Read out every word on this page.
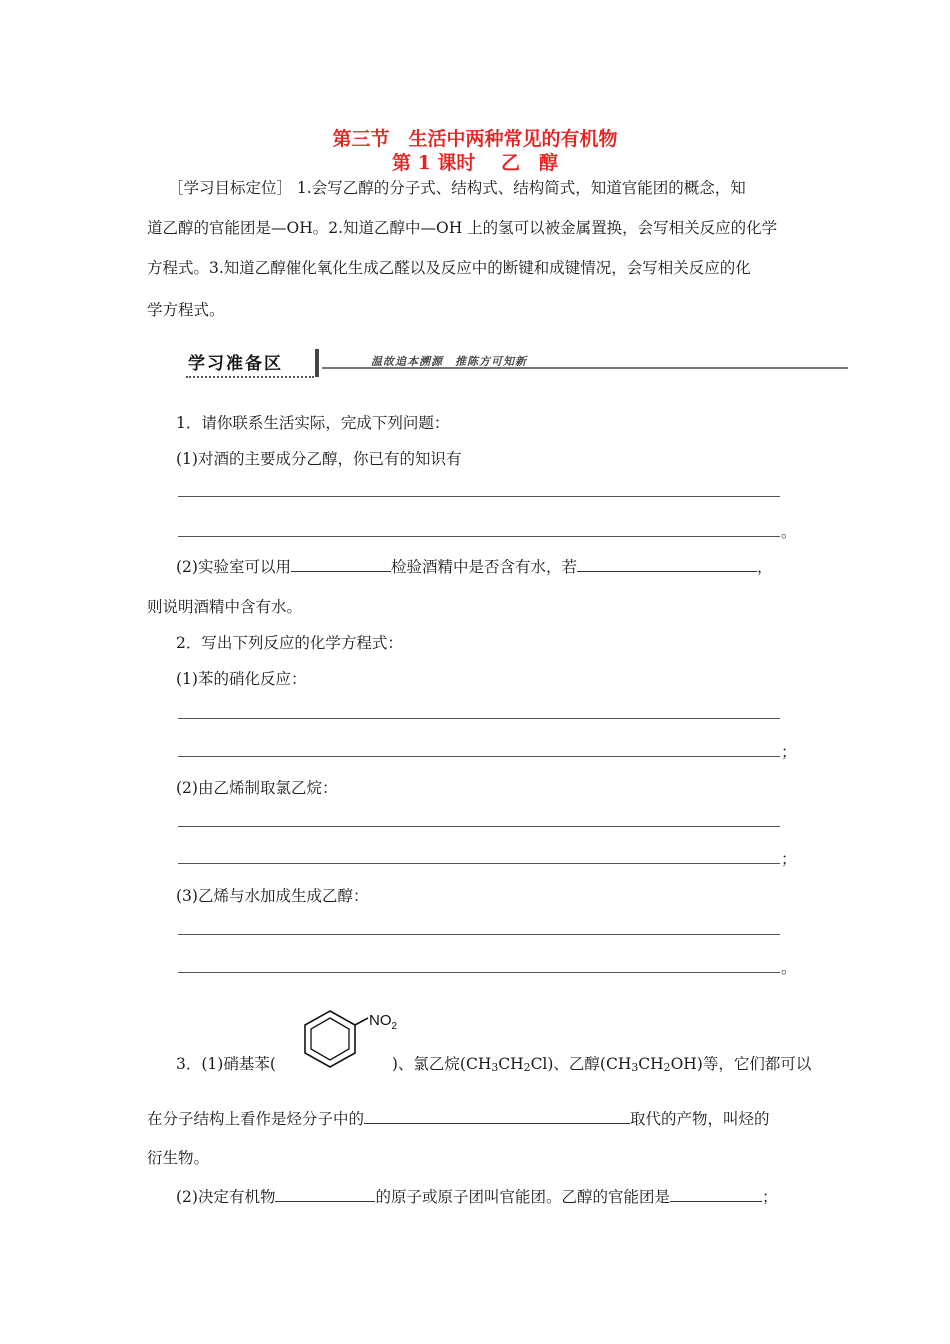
第三节　生活中两种常见的有机物
第 1 课时　 乙　醇
［学习目标定位］ 1.会写乙醇的分子式、结构式、结构简式，知道官能团的概念，知
道乙醇的官能团是—OH。2.知道乙醇中—OH 上的氢可以被金属置换，会写相关反应的化学
方程式。3.知道乙醇催化氧化生成乙醛以及反应中的断键和成键情况，会写相关反应的化
学方程式。
学习准备区	温故追本溯源　推陈方可知新
1．请你联系生活实际，完成下列问题：
(1)对酒的主要成分乙醇，你已有的知识有
。
(2)实验室可以用	检验酒精中是否含有水，若	，
则说明酒精中含有水。
2．写出下列反应的化学方程式：
(1)苯的硝化反应：
；
(2)由乙烯制取氯乙烷：
；
(3)乙烯与水加成生成乙醇：
。
$NO_2$
3．(1)硝基苯(	)、氯乙烷$(CH_3CH_2Cl)$、乙醇$(CH_3CH_2OH)$等，它们都可以
在分子结构上看作是烃分子中的	取代的产物，叫烃的
衍生物。
(2)决定有机物	的原子或原子团叫官能团。乙醇的官能团是	；
